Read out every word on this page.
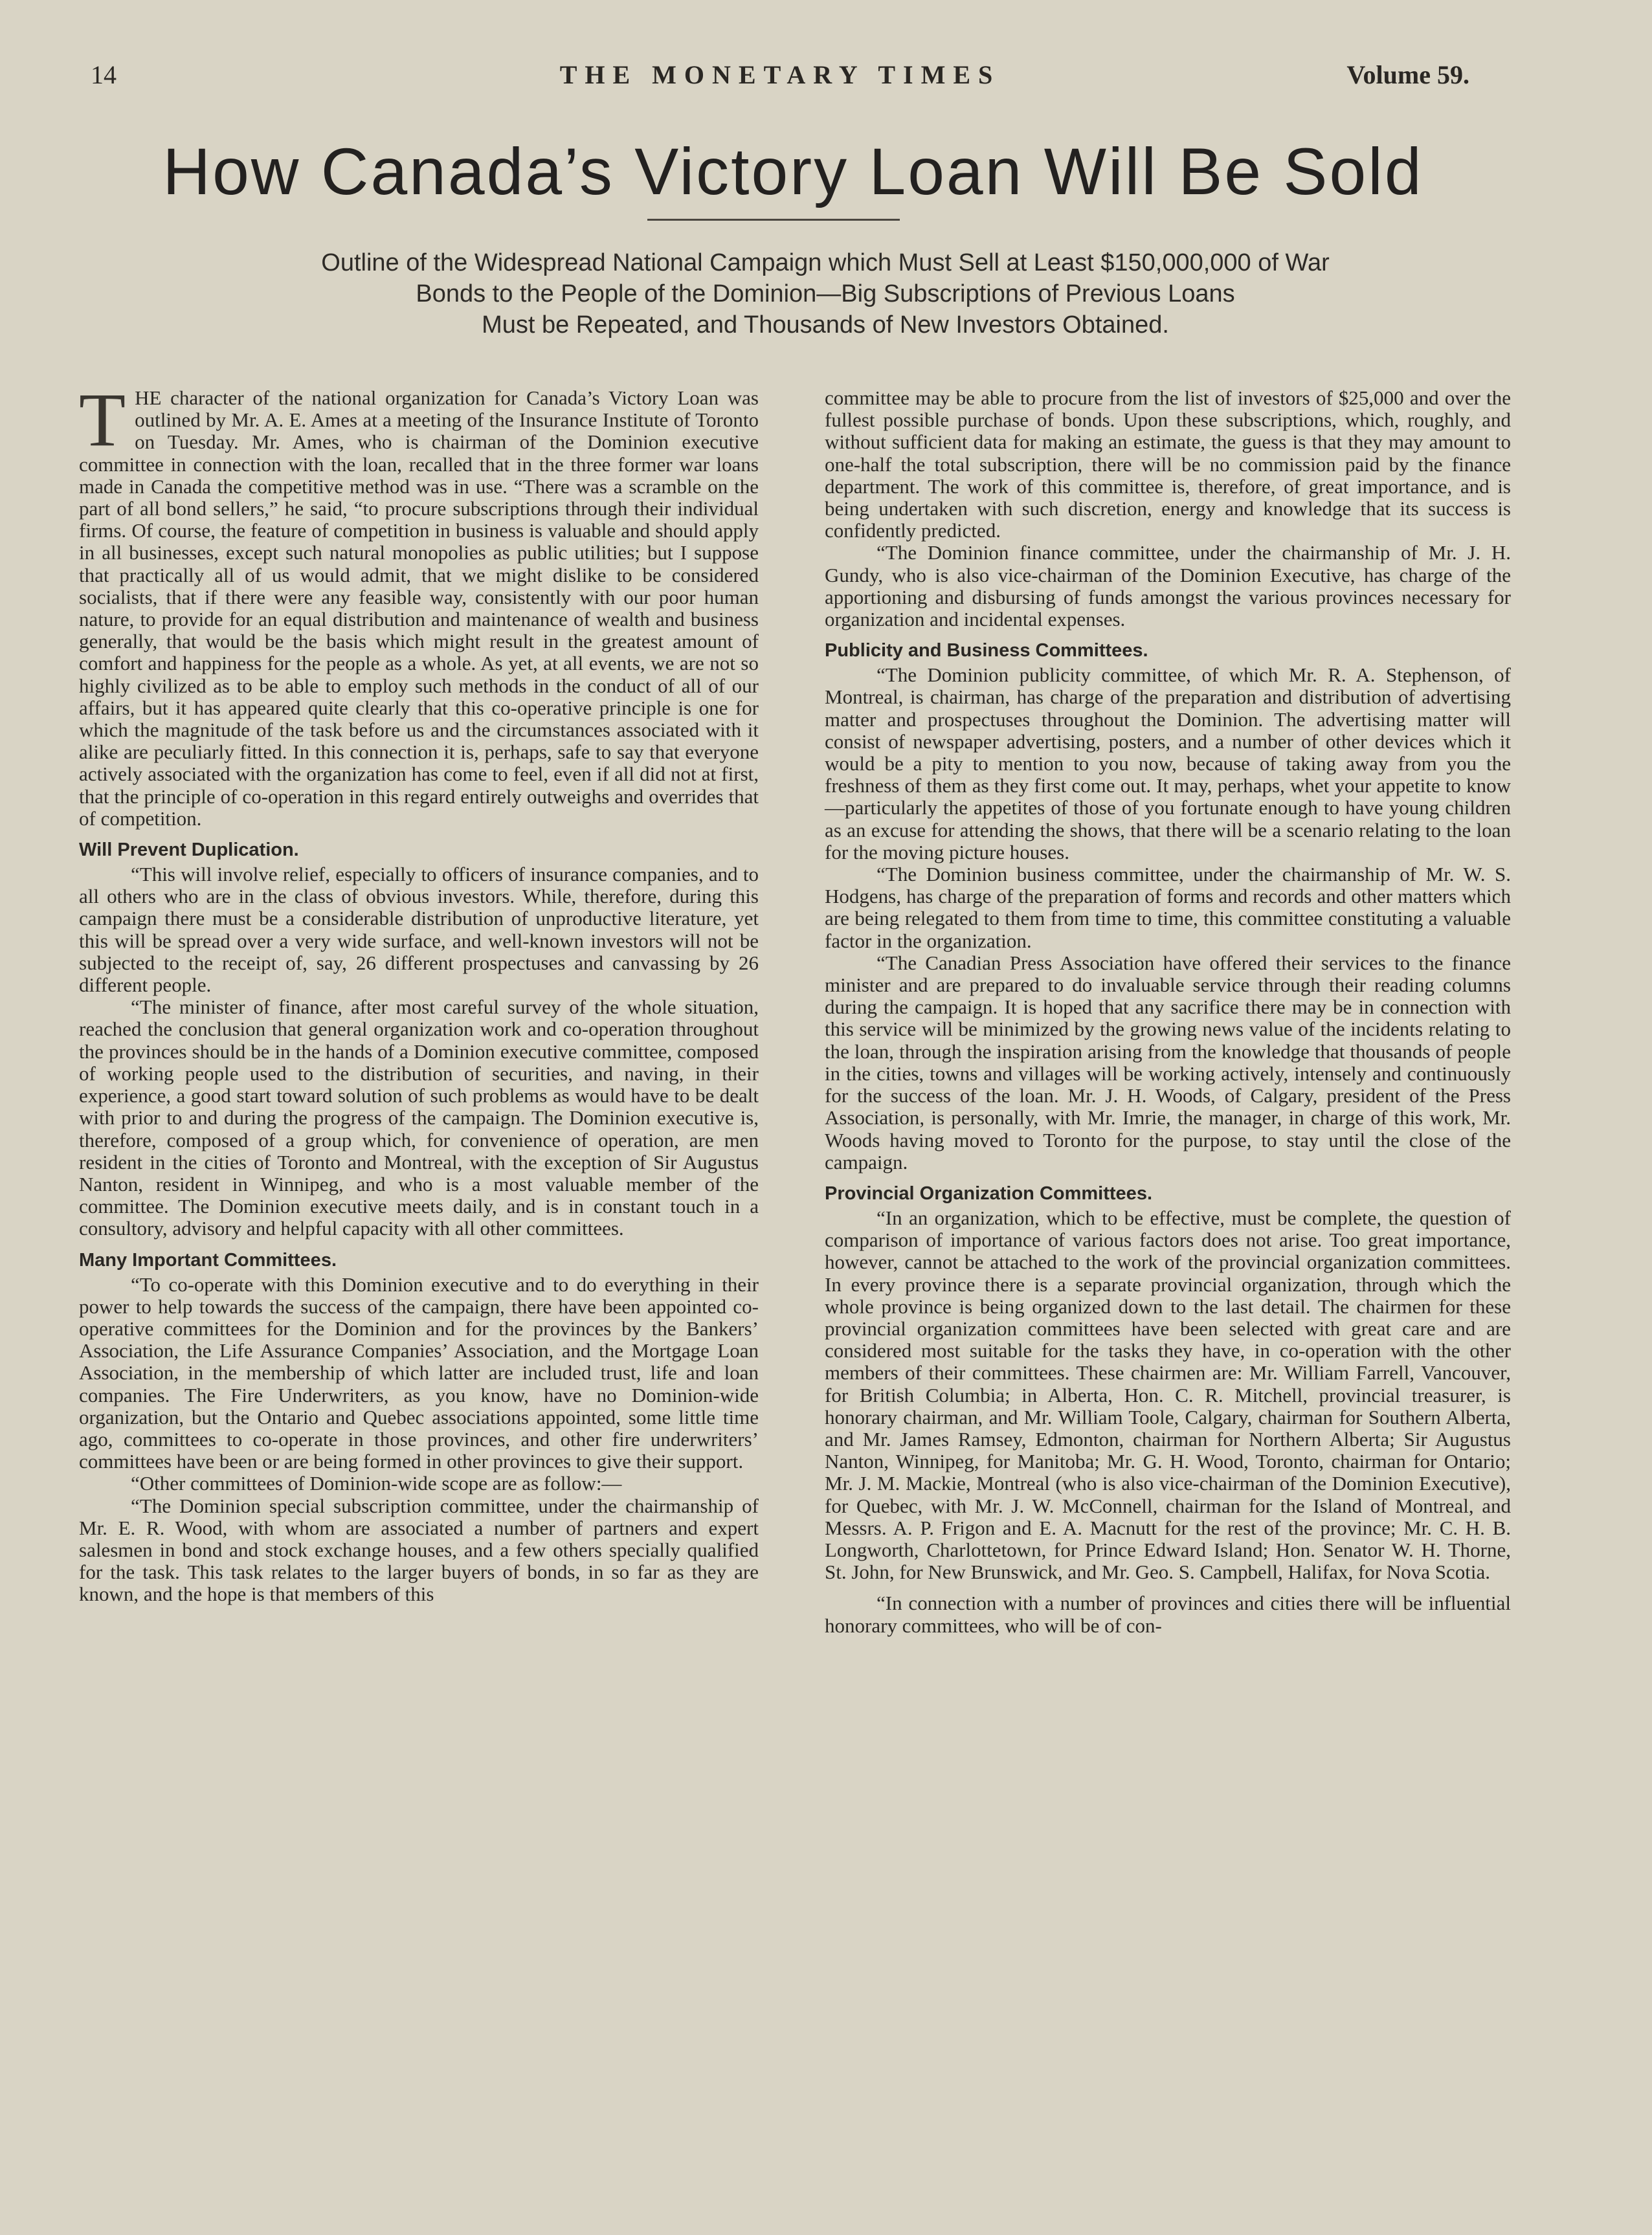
14	THE MONETARY TIMES	Volume 59.
How Canada’s Victory Loan Will Be Sold
Outline of the Widespread National Campaign which Must Sell at Least $150,000,000 of War
Bonds to the People of the Dominion—Big Subscriptions of Previous Loans
Must be Repeated, and Thousands of New Investors Obtained.

THE character of the national organization for Canada’s Victory Loan was outlined by Mr. A. E. Ames at a meeting of the Insurance Institute of Toronto on Tuesday. Mr. Ames, who is chairman of the Dominion executive committee in connection with the loan, recalled that in the three former war loans made in Canada the competitive method was in use. “There was a scramble on the part of all bond sellers,” he said, “to procure subscriptions through their individual firms. Of course, the feature of competition in business is valuable and should apply in all businesses, except such natural monopolies as public utilities; but I suppose that practically all of us would admit, that we might dislike to be considered socialists, that if there were any feasible way, consistently with our poor human nature, to provide for an equal distribution and maintenance of wealth and business generally, that would be the basis which might result in the greatest amount of comfort and happiness for the people as a whole. As yet, at all events, we are not so highly civilized as to be able to employ such methods in the conduct of all of our affairs, but it has appeared quite clearly that this co-operative principle is one for which the magnitude of the task before us and the circumstances associated with it alike are peculiarly fitted. In this connection it is, perhaps, safe to say that everyone actively associated with the organization has come to feel, even if all did not at first, that the principle of co-operation in this regard entirely outweighs and overrides that of competition.

Will Prevent Duplication.

“This will involve relief, especially to officers of insurance companies, and to all others who are in the class of obvious investors. While, therefore, during this campaign there must be a considerable distribution of unproductive literature, yet this will be spread over a very wide surface, and well-known investors will not be subjected to the receipt of, say, 26 different prospectuses and canvassing by 26 different people.

“The minister of finance, after most careful survey of the whole situation, reached the conclusion that general organization work and co-operation throughout the provinces should be in the hands of a Dominion executive committee, composed of working people used to the distribution of securities, and naving, in their experience, a good start toward solution of such problems as would have to be dealt with prior to and during the progress of the campaign. The Dominion executive is, therefore, composed of a group which, for convenience of operation, are men resident in the cities of Toronto and Montreal, with the exception of Sir Augustus Nanton, resident in Winnipeg, and who is a most valuable member of the committee. The Dominion executive meets daily, and is in constant touch in a consultory, advisory and helpful capacity with all other committees.

Many Important Committees.

“To co-operate with this Dominion executive and to do everything in their power to help towards the success of the campaign, there have been appointed co-operative committees for the Dominion and for the provinces by the Bankers’ Association, the Life Assurance Companies’ Association, and the Mortgage Loan Association, in the membership of which latter are included trust, life and loan companies. The Fire Underwriters, as you know, have no Dominion-wide organization, but the Ontario and Quebec associations appointed, some little time ago, committees to co-operate in those provinces, and other fire underwriters’ committees have been or are being formed in other provinces to give their support.

“Other committees of Dominion-wide scope are as follow:—

“The Dominion special subscription committee, under the chairmanship of Mr. E. R. Wood, with whom are associated a number of partners and expert salesmen in bond and stock exchange houses, and a few others specially qualified for the task. This task relates to the larger buyers of bonds, in so far as they are known, and the hope is that members of this

committee may be able to procure from the list of investors of $25,000 and over the fullest possible purchase of bonds. Upon these subscriptions, which, roughly, and without sufficient data for making an estimate, the guess is that they may amount to one-half the total subscription, there will be no commission paid by the finance department. The work of this committee is, therefore, of great importance, and is being undertaken with such discretion, energy and knowledge that its success is confidently predicted.

“The Dominion finance committee, under the chairmanship of Mr. J. H. Gundy, who is also vice-chairman of the Dominion Executive, has charge of the apportioning and disbursing of funds amongst the various provinces necessary for organization and incidental expenses.

Publicity and Business Committees.

“The Dominion publicity committee, of which Mr. R. A. Stephenson, of Montreal, is chairman, has charge of the preparation and distribution of advertising matter and prospectuses throughout the Dominion. The advertising matter will consist of newspaper advertising, posters, and a number of other devices which it would be a pity to mention to you now, because of taking away from you the freshness of them as they first come out. It may, perhaps, whet your appetite to know—particularly the appetites of those of you fortunate enough to have young children as an excuse for attending the shows, that there will be a scenario relating to the loan for the moving picture houses.

“The Dominion business committee, under the chairmanship of Mr. W. S. Hodgens, has charge of the preparation of forms and records and other matters which are being relegated to them from time to time, this committee constituting a valuable factor in the organization.

“The Canadian Press Association have offered their services to the finance minister and are prepared to do invaluable service through their reading columns during the campaign. It is hoped that any sacrifice there may be in connection with this service will be minimized by the growing news value of the incidents relating to the loan, through the inspiration arising from the knowledge that thousands of people in the cities, towns and villages will be working actively, intensely and continuously for the success of the loan. Mr. J. H. Woods, of Calgary, president of the Press Association, is personally, with Mr. Imrie, the manager, in charge of this work, Mr. Woods having moved to Toronto for the purpose, to stay until the close of the campaign.

Provincial Organization Committees.

“In an organization, which to be effective, must be complete, the question of comparison of importance of various factors does not arise. Too great importance, however, cannot be attached to the work of the provincial organization committees. In every province there is a separate provincial organization, through which the whole province is being organized down to the last detail. The chairmen for these provincial organization committees have been selected with great care and are considered most suitable for the tasks they have, in co-operation with the other members of their committees. These chairmen are: Mr. William Farrell, Vancouver, for British Columbia; in Alberta, Hon. C. R. Mitchell, provincial treasurer, is honorary chairman, and Mr. William Toole, Calgary, chairman for Southern Alberta, and Mr. James Ramsey, Edmonton, chairman for Northern Alberta; Sir Augustus Nanton, Winnipeg, for Manitoba; Mr. G. H. Wood, Toronto, chairman for Ontario; Mr. J. M. Mackie, Montreal (who is also vice-chairman of the Dominion Executive), for Quebec, with Mr. J. W. McConnell, chairman for the Island of Montreal, and Messrs. A. P. Frigon and E. A. Macnutt for the rest of the province; Mr. C. H. B. Longworth, Charlottetown, for Prince Edward Island; Hon. Senator W. H. Thorne, St. John, for New Brunswick, and Mr. Geo. S. Campbell, Halifax, for Nova Scotia.

“In connection with a number of provinces and cities there will be influential honorary committees, who will be of con-
